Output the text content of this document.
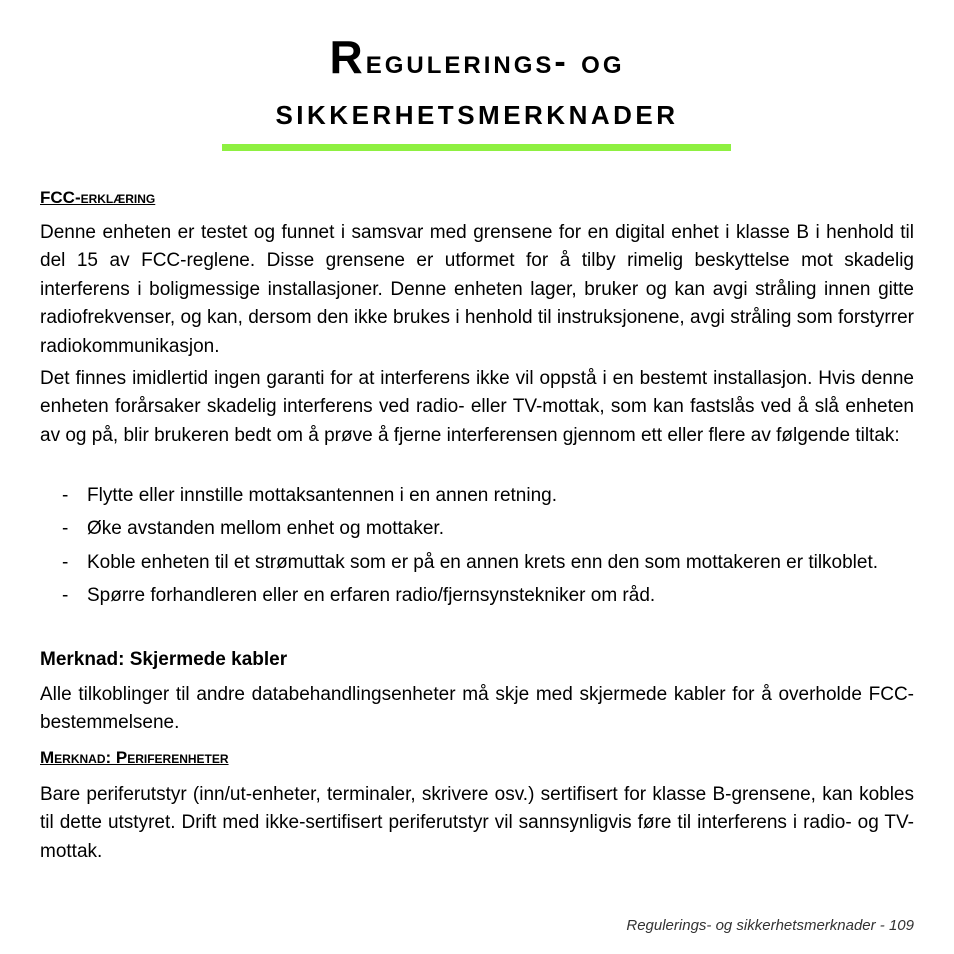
Regulerings- og
sikkerhetsmerknader
FCC-erklæring

Denne enheten er testet og funnet i samsvar med grensene for en digital enhet i klasse B i henhold til del 15 av FCC-reglene. Disse grensene er utformet for å tilby rimelig beskyttelse mot skadelig interferens i boligmessige installasjoner. Denne enheten lager, bruker og kan avgi stråling innen gitte radiofrekvenser, og kan, dersom den ikke brukes i henhold til instruksjonene, avgi stråling som forstyrrer radiokommunikasjon.

Det finnes imidlertid ingen garanti for at interferens ikke vil oppstå i en bestemt installasjon. Hvis denne enheten forårsaker skadelig interferens ved radio- eller TV-mottak, som kan fastslås ved å slå enheten av og på, blir brukeren bedt om å prøve å fjerne interferensen gjennom ett eller flere av følgende tiltak:

- Flytte eller innstille mottaksantennen i en annen retning.
- Øke avstanden mellom enhet og mottaker.
- Koble enheten til et strømuttak som er på en annen krets enn den som mottakeren er tilkoblet.
- Spørre forhandleren eller en erfaren radio/fjernsynstekniker om råd.
Merknad: Skjermede kabler

Alle tilkoblinger til andre databehandlingsenheter må skje med skjermede kabler for å overholde FCC-bestemmelsene.

Merknad: Periferenheter

Bare periferutstyr (inn/ut-enheter, terminaler, skrivere osv.) sertifisert for klasse B-grensene, kan kobles til dette utstyret. Drift med ikke-sertifisert periferutstyr vil sannsynligvis føre til interferens i radio- og TV-mottak.

Regulerings- og sikkerhetsmerknader - 109
